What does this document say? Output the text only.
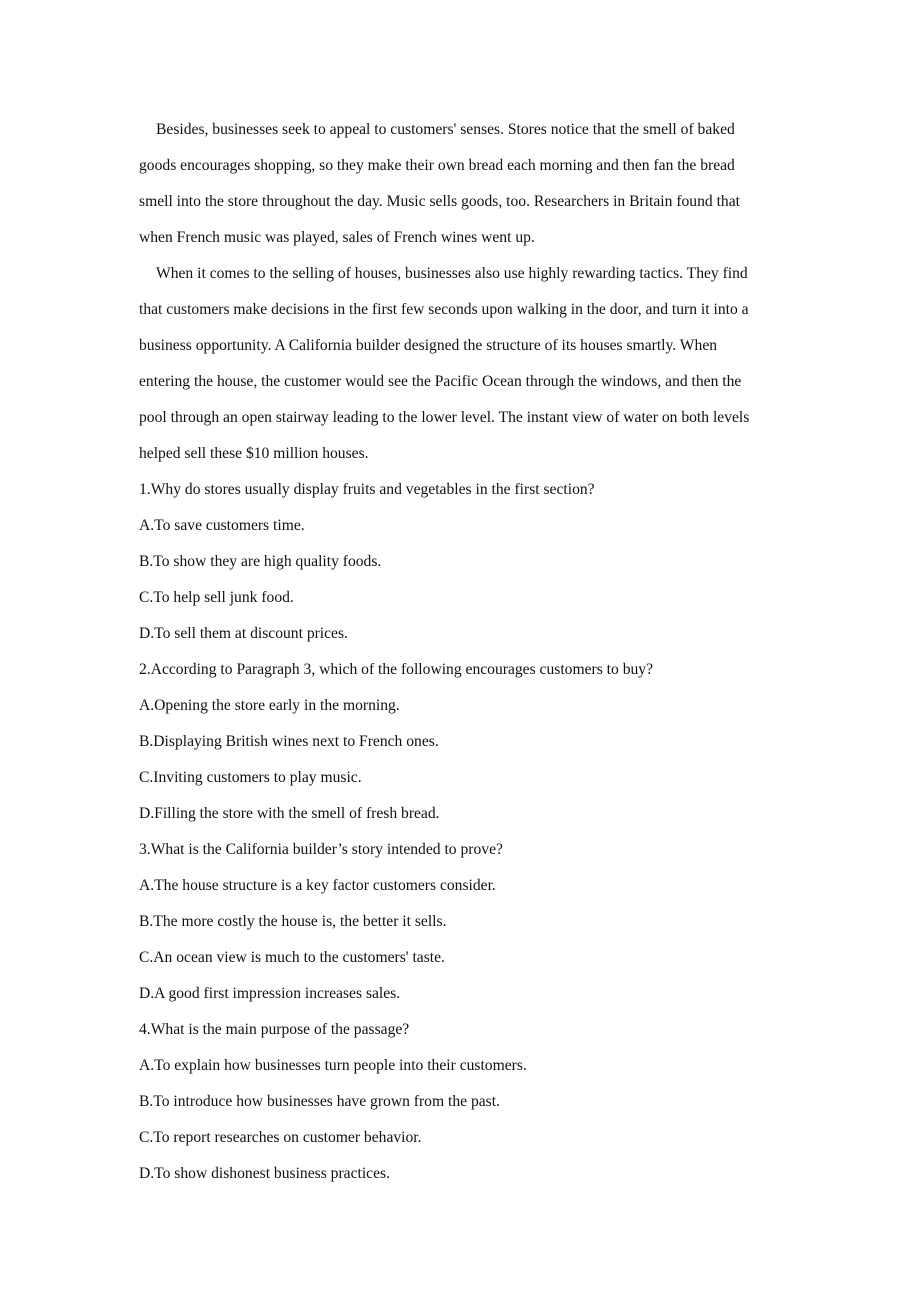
Besides, businesses seek to appeal to customers' senses. Stores notice that the smell of baked
goods encourages shopping, so they make their own bread each morning and then fan the bread
smell into the store throughout the day. Music sells goods, too. Researchers in Britain found that
when French music was played, sales of French wines went up.
When it comes to the selling of houses, businesses also use highly rewarding tactics. They find
that customers make decisions in the first few seconds upon walking in the door, and turn it into a
business opportunity. A California builder designed the structure of its houses smartly. When
entering the house, the customer would see the Pacific Ocean through the windows, and then the
pool through an open stairway leading to the lower level. The instant view of water on both levels
helped sell these $10 million houses.
1.Why do stores usually display fruits and vegetables in the first section?
A.To save customers time.
B.To show they are high quality foods.
C.To help sell junk food.
D.To sell them at discount prices.
2.According to Paragraph 3, which of the following encourages customers to buy?
A.Opening the store early in the morning.
B.Displaying British wines next to French ones.
C.Inviting customers to play music.
D.Filling the store with the smell of fresh bread.
3.What is the California builder’s story intended to prove?
A.The house structure is a key factor customers consider.
B.The more costly the house is, the better it sells.
C.An ocean view is much to the customers' taste.
D.A good first impression increases sales.
4.What is the main purpose of the passage?
A.To explain how businesses turn people into their customers.
B.To introduce how businesses have grown from the past.
C.To report researches on customer behavior.
D.To show dishonest business practices.
